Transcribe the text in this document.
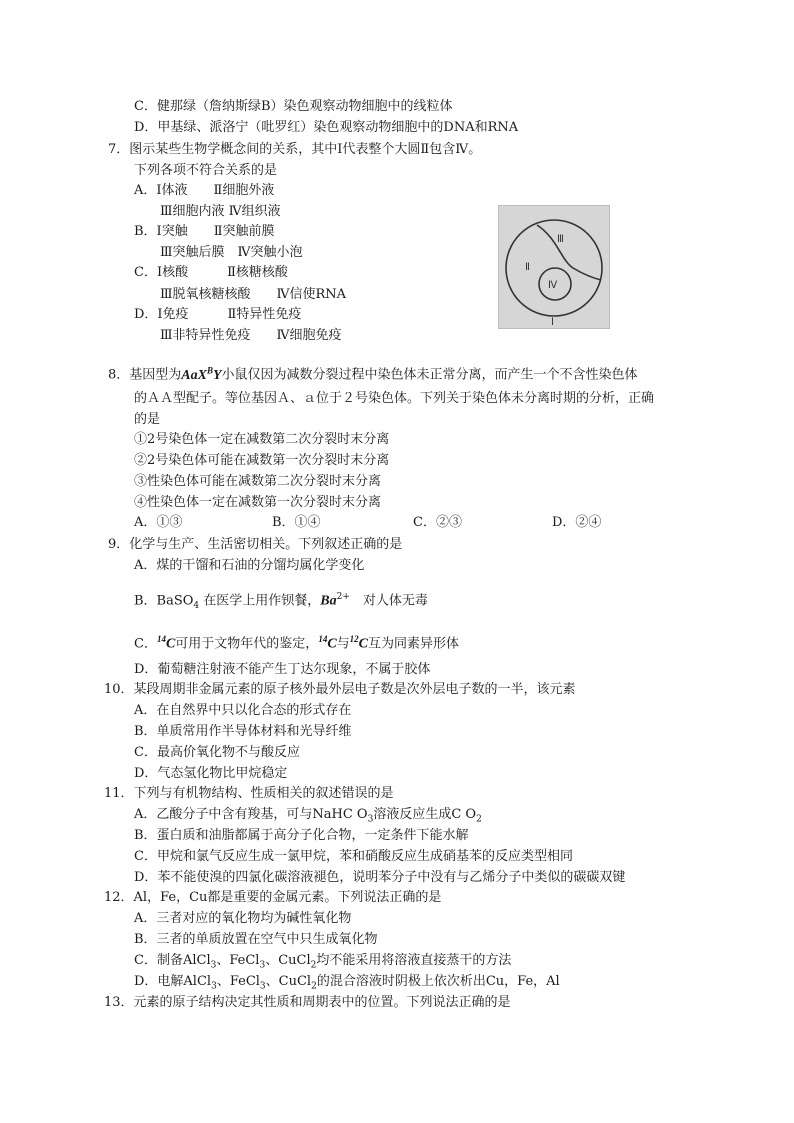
C．健那绿（詹纳斯绿B）染色观察动物细胞中的线粒体
D．甲基绿、派洛宁（吡罗红）染色观察动物细胞中的DNA和RNA
7．图示某些生物学概念间的关系，其中Ⅰ代表整个大圆Ⅱ包含Ⅳ。
下列各项不符合关系的是
A．Ⅰ体液　　Ⅱ细胞外液
Ⅲ细胞内液 Ⅳ组织液
B．Ⅰ突触　　Ⅱ突触前膜
Ⅲ突触后膜　Ⅳ突触小泡
C．Ⅰ核酸　　　Ⅱ核糖核酸
Ⅲ脱氧核糖核酸　　Ⅳ信使RNA
D．Ⅰ免疫　　　Ⅱ特异性免疫
Ⅲ非特异性免疫　　Ⅳ细胞免疫
Ⅲ
Ⅱ
Ⅳ
Ⅰ
8．基因型为AaX$^B$Y小鼠仅因为减数分裂过程中染色体未正常分离，而产生一个不含性染色体
的ＡＡ型配子。等位基因Ａ、ａ位于２号染色体。下列关于染色体未分离时期的分析，正确
的是
①2号染色体一定在减数第二次分裂时末分离
②2号染色体可能在减数第一次分裂时末分离
③性染色体可能在减数第二次分裂时末分离
④性染色体一定在减数第一次分裂时末分离
A．①③	B．①④	C．②③	D．②④
9．化学与生产、生活密切相关。下列叙述正确的是
A．煤的干馏和石油的分馏均属化学变化
B．BaSO$_4$ 在医学上用作钡餐，$Ba^{2+}$　对人体无毒
C．$^{14}$C可用于文物年代的鉴定，$^{14}$C与$^{12}$C互为同素异形体
D．葡萄糖注射液不能产生丁达尔现象，不属于胶体
10．某段周期非金属元素的原子核外最外层电子数是次外层电子数的一半，该元素
A．在自然界中只以化合态的形式存在
B．单质常用作半导体材料和光导纤维
C．最高价氧化物不与酸反应
D．气态氢化物比甲烷稳定
11．下列与有机物结构、性质相关的叙述错误的是
A．乙酸分子中含有羧基，可与NaHC $O_3$溶液反应生成C $O_2$
B．蛋白质和油脂都属于高分子化合物，一定条件下能水解
C．甲烷和氯气反应生成一氯甲烷，苯和硝酸反应生成硝基苯的反应类型相同
D．苯不能使溴的四氯化碳溶液褪色，说明苯分子中没有与乙烯分子中类似的碳碳双键
12．Al，Fe，Cu都是重要的金属元素。下列说法正确的是
A．三者对应的氧化物均为碱性氧化物
B．三者的单质放置在空气中只生成氧化物
C．制备AlCl$_3$、FeCl$_3$、CuCl$_2$均不能采用将溶液直接蒸干的方法
D．电解AlCl$_3$、FeCl$_3$、CuCl$_2$的混合溶液时阴极上依次析出Cu，Fe，Al
13．元素的原子结构决定其性质和周期表中的位置。下列说法正确的是
